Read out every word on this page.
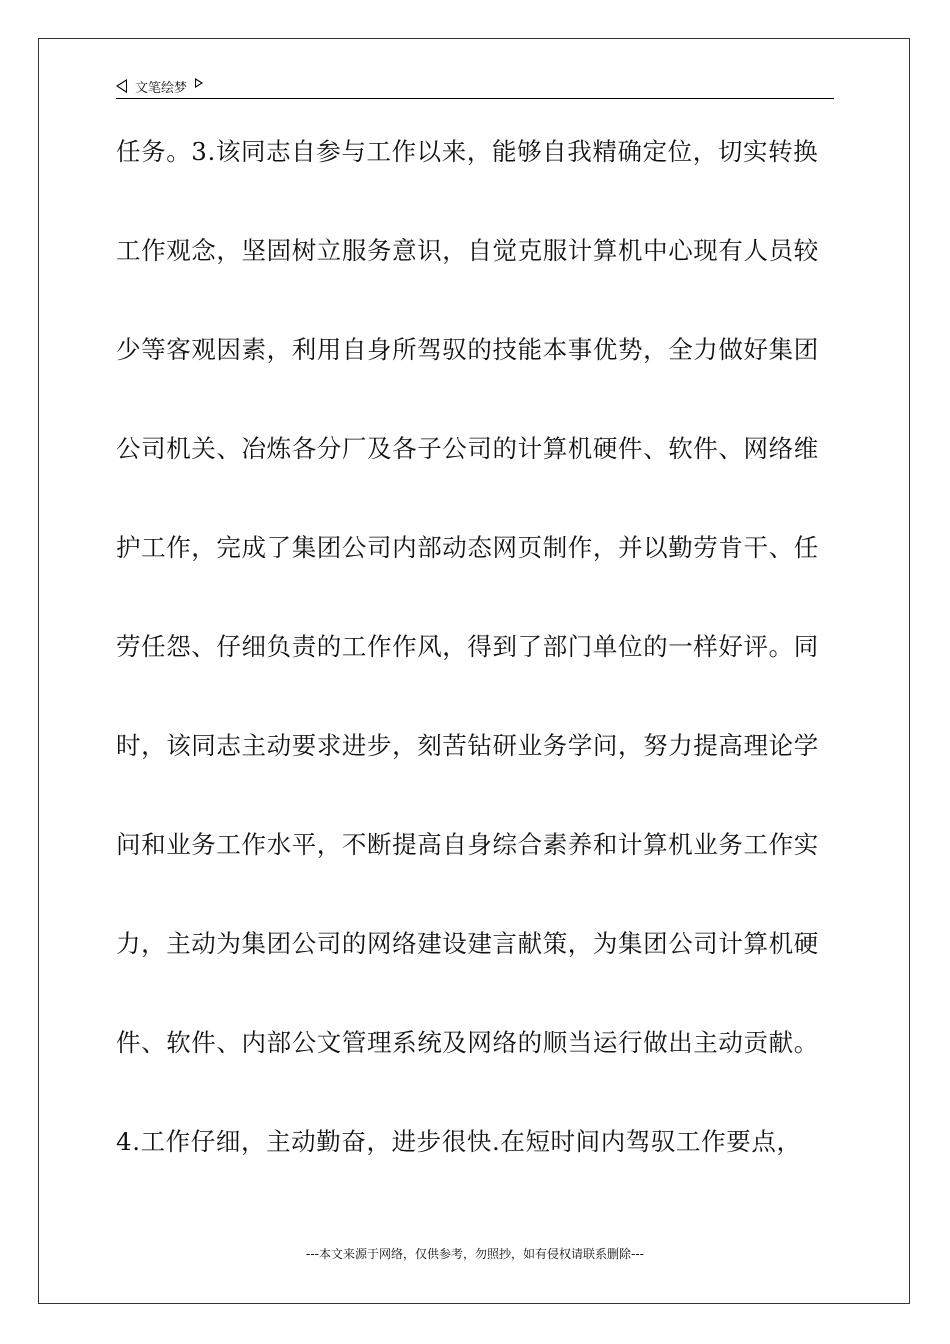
文笔绘梦
任务。3.该同志自参与工作以来，能够自我精确定位，切实转换
工作观念，坚固树立服务意识，自觉克服计算机中心现有人员较
少等客观因素，利用自身所驾驭的技能本事优势，全力做好集团
公司机关、冶炼各分厂及各子公司的计算机硬件、软件、网络维
护工作，完成了集团公司内部动态网页制作，并以勤劳肯干、任
劳任怨、仔细负责的工作作风，得到了部门单位的一样好评。同
时，该同志主动要求进步，刻苦钻研业务学问，努力提高理论学
问和业务工作水平，不断提高自身综合素养和计算机业务工作实
力，主动为集团公司的网络建设建言献策，为集团公司计算机硬
件、软件、内部公文管理系统及网络的顺当运行做出主动贡献。
4.工作仔细，主动勤奋，进步很快.在短时间内驾驭工作要点，
---本文来源于网络，仅供参考，勿照抄，如有侵权请联系删除---
